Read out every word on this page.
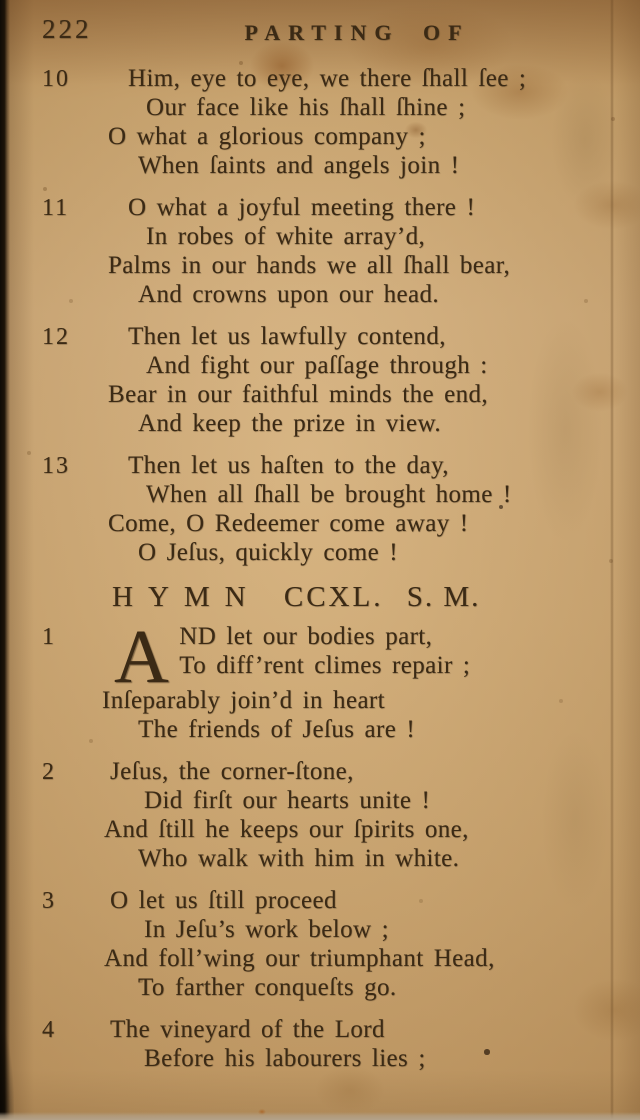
222	PARTING OF
10 Him, eye to eye, we there ſhall ſee ;
Our face like his ſhall ſhine ;
O what a glorious company ;
When ſaints and angels join !
11 O what a joyful meeting there !
In robes of white array’d,
Palms in our hands we all ſhall bear,
And crowns upon our head.
12 Then let us lawfully contend,
And fight our paſſage through :
Bear in our faithful minds the end,
And keep the prize in view.
13 Then let us haſten to the day,
When all ſhall be brought home !
Come, O Redeemer come away !
O Jeſus, quickly come !
HYMN CCXL. S. M.
1 A ND let our bodies part,
To diff’rent climes repair ;
Inſeparably join’d in heart
The friends of Jeſus are !
2 Jeſus, the corner-ſtone,
Did firſt our hearts unite !
And ſtill he keeps our ſpirits one,
Who walk with him in white.
3 O let us ſtill proceed
In Jeſu’s work below ;
And foll’wing our triumphant Head,
To farther conqueſts go.
4 The vineyard of the Lord
Before his labourers lies ;
